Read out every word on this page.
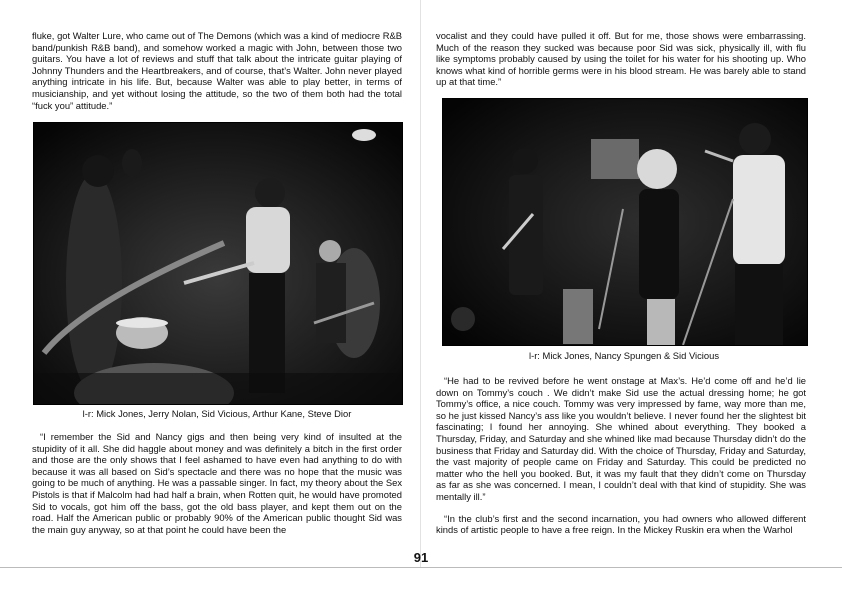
fluke, got Walter Lure, who came out of The Demons (which was a kind of mediocre R&B band/punkish R&B band), and somehow worked a magic with John, between those two guitars. You have a lot of reviews and stuff that talk about the intricate guitar playing of Johnny Thunders and the Heartbreakers, and of course, that’s Walter. John never played anything intricate in his life. But, because Walter was able to play better, in terms of musicianship, and yet without losing the attitude, so the two of them both had the total “fuck you” attitude.”

l-r: Mick Jones, Jerry Nolan, Sid Vicious, Arthur Kane, Steve Dior

“I remember the Sid and Nancy gigs and then being very kind of insulted at the stupidity of it all. She did haggle about money and was definitely a bitch in the first order and those are the only shows that I feel ashamed to have even had anything to do with because it was all based on Sid’s spectacle and there was no hope that the music was going to be much of anything. He was a passable singer. In fact, my theory about the Sex Pistols is that if Malcolm had had half a brain, when Rotten quit, he would have promoted Sid to vocals, got him off the bass, got the old bass player, and kept them out on the road. Half the American public or probably 90% of the American public thought Sid was the main guy anyway, so at that point he could have been the

vocalist and they could have pulled it off. But for me, those shows were embarrassing. Much of the reason they sucked was because poor Sid was sick, physically ill, with flu like symptoms probably caused by using the toilet for his water for his shooting up. Who knows what kind of horrible germs were in his blood stream. He was barely able to stand up at that time.”

l-r: Mick Jones, Nancy Spungen & Sid Vicious

“He had to be revived before he went onstage at Max’s. He’d come off and he’d lie down on Tommy’s couch . We didn’t make Sid use the actual dressing home; he got Tommy’s office, a nice couch. Tommy was very impressed by fame, way more than me, so he just kissed Nancy’s ass like you wouldn’t believe. I never found her the slightest bit fascinating; I found her annoying. She whined about everything. They booked a Thursday, Friday, and Saturday and she whined like mad because Thursday didn’t do the business that Friday and Saturday did. With the choice of Thursday, Friday and Saturday, the vast majority of people came on Friday and Saturday. This could be predicted no matter who the hell you booked. But, it was my fault that they didn’t come on Thursday as far as she was concerned. I mean, I couldn’t deal with that kind of stupidity. She was mentally ill.”

“In the club’s first and the second incarnation, you had owners who allowed different kinds of artistic people to have a free reign. In the Mickey Ruskin era when the Warhol

91
